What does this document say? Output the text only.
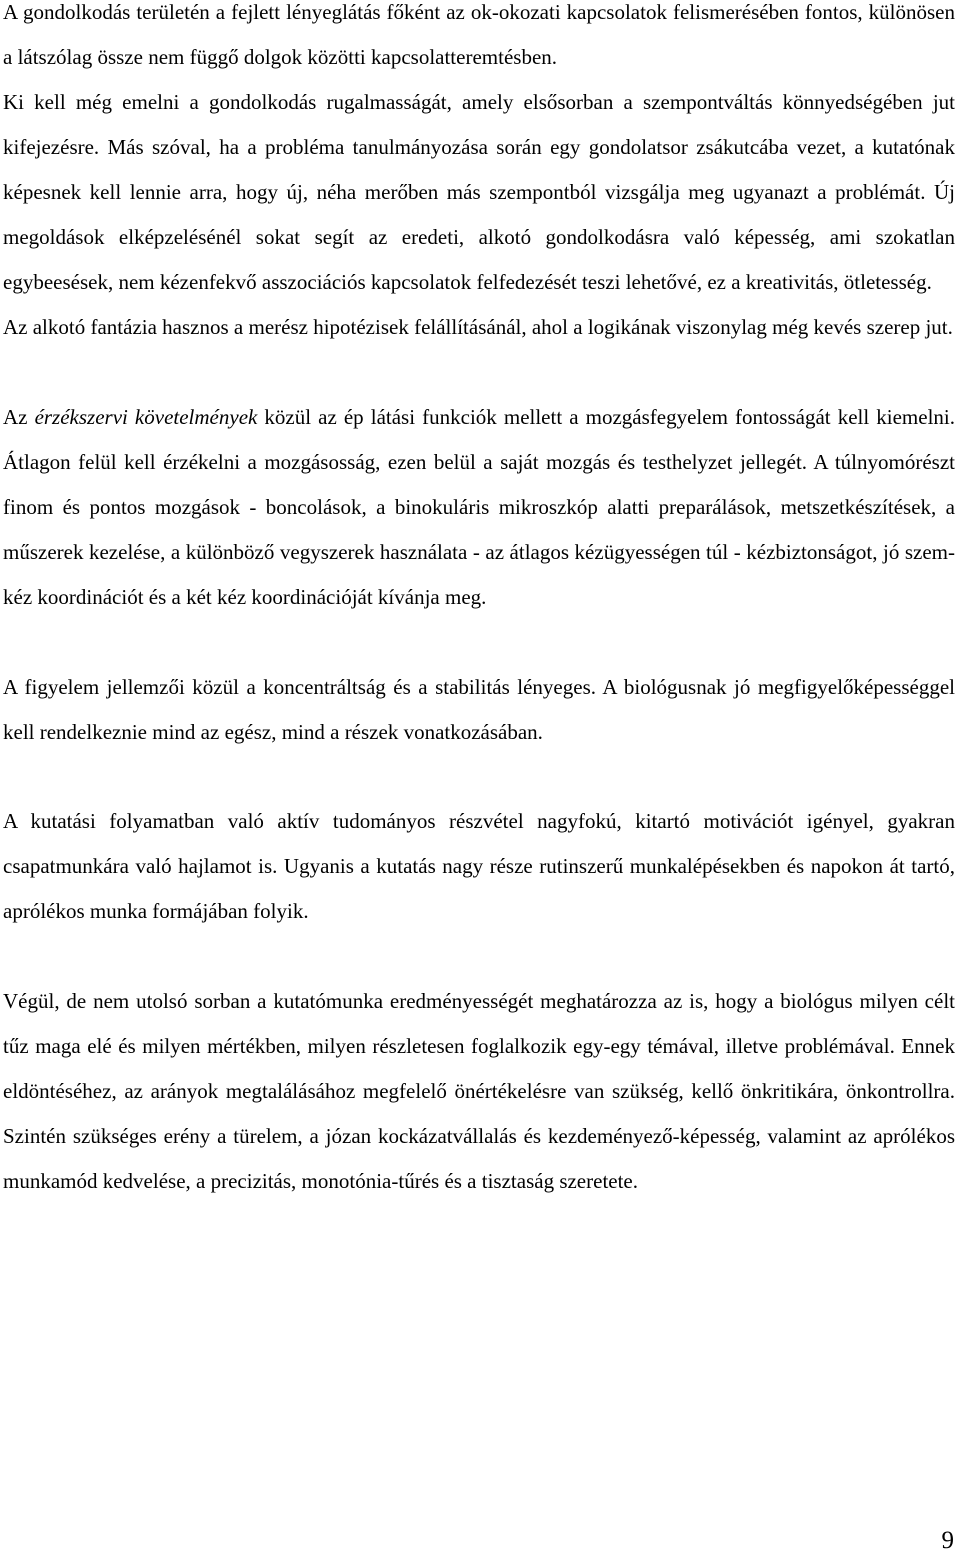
A gondolkodás területén a fejlett lényeglátás főként az ok-okozati kapcsolatok felismerésében fontos, különösen a látszólag össze nem függő dolgok közötti kapcsolatteremtésben.

Ki kell még emelni a gondolkodás rugalmasságát, amely elsősorban a szempontváltás könnyedségében jut kifejezésre. Más szóval, ha a probléma tanulmányozása során egy gondolatsor zsákutcába vezet, a kutatónak képesnek kell lennie arra, hogy új, néha merőben más szempontból vizsgálja meg ugyanazt a problémát. Új megoldások elképzelésénél sokat segít az eredeti, alkotó gondolkodásra való képesség, ami szokatlan egybeesések, nem kézenfekvő asszociációs kapcsolatok felfedezését teszi lehetővé, ez a kreativitás, ötletesség.

Az alkotó fantázia hasznos a merész hipotézisek felállításánál, ahol a logikának viszonylag még kevés szerep jut.

Az érzékszervi követelmények közül az ép látási funkciók mellett a mozgásfegyelem fontosságát kell kiemelni. Átlagon felül kell érzékelni a mozgásosság, ezen belül a saját mozgás és testhelyzet jellegét. A túlnyomórészt finom és pontos mozgások - boncolások, a binokuláris mikroszkóp alatti preparálások, metszetkészítések, a műszerek kezelése, a különböző vegyszerek használata - az átlagos kézügyességen túl - kézbiztonságot, jó szem-kéz koordinációt és a két kéz koordinációját kívánja meg.

A figyelem jellemzői közül a koncentráltság és a stabilitás lényeges. A biológusnak jó megfigyelőképességgel kell rendelkeznie mind az egész, mind a részek vonatkozásában.

A kutatási folyamatban való aktív tudományos részvétel nagyfokú, kitartó motivációt igényel, gyakran csapatmunkára való hajlamot is. Ugyanis a kutatás nagy része rutinszerű munkalépésekben és napokon át tartó, aprólékos munka formájában folyik.

Végül, de nem utolsó sorban a kutatómunka eredményességét meghatározza az is, hogy a biológus milyen célt tűz maga elé és milyen mértékben, milyen részletesen foglalkozik egy-egy témával, illetve problémával. Ennek eldöntéséhez, az arányok megtalálásához megfelelő önértékelésre van szükség, kellő önkritikára, önkontrollra. Szintén szükséges erény a türelem, a józan kockázatvállalás és kezdeményező-képesség, valamint az aprólékos munkamód kedvelése, a precizitás, monotónia-tűrés és a tisztaság szeretete.

9
